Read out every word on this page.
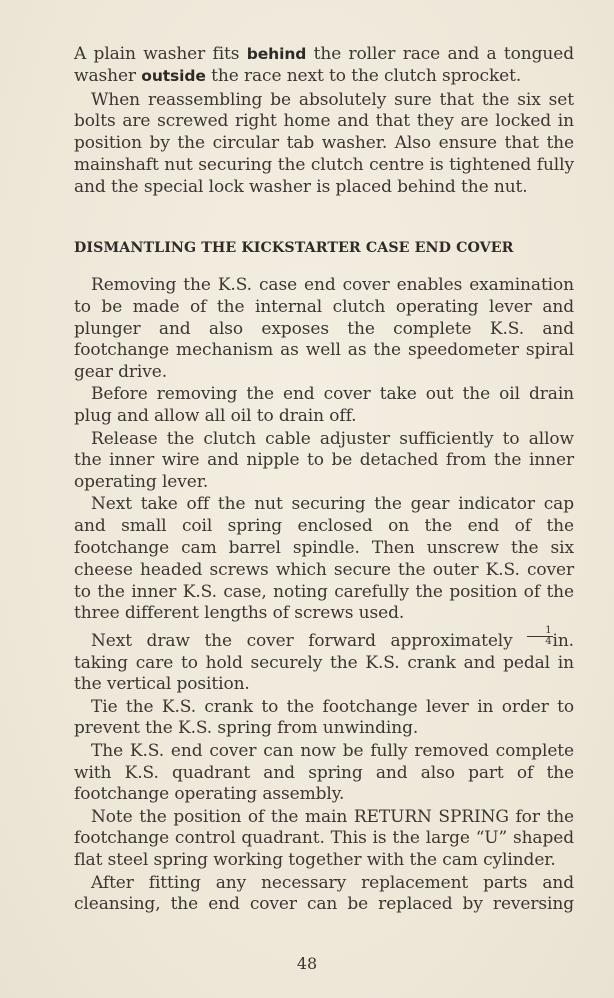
A plain washer fits behind the roller race and a tongued washer outside the race next to the clutch sprocket.

When reassembling be absolutely sure that the six set bolts are screwed right home and that they are locked in position by the circular tab washer. Also ensure that the mainshaft nut securing the clutch centre is tightened fully and the special lock washer is placed behind the nut.

DISMANTLING THE KICKSTARTER CASE END COVER

Removing the K.S. case end cover enables examination to be made of the internal clutch operating lever and plunger and also exposes the complete K.S. and footchange mechanism as well as the speedometer spiral gear drive.

Before removing the end cover take out the oil drain plug and allow all oil to drain off.

Release the clutch cable adjuster sufficiently to allow the inner wire and nipple to be detached from the inner operating lever.

Next take off the nut securing the gear indicator cap and small coil spring enclosed on the end of the footchange cam barrel spindle. Then unscrew the six cheese headed screws which secure the outer K.S. cover to the inner K.S. case, noting carefully the position of the three different lengths of screws used.

Next draw the cover forward approximately $\frac{1}{4}$ in. taking care to hold securely the K.S. crank and pedal in the vertical position.

Tie the K.S. crank to the footchange lever in order to prevent the K.S. spring from unwinding.

The K.S. end cover can now be fully removed complete with K.S. quadrant and spring and also part of the footchange operating assembly.

Note the position of the main RETURN SPRING for the footchange control quadrant. This is the large “U” shaped flat steel spring working together with the cam cylinder.

After fitting any necessary replacement parts and cleansing, the end cover can be replaced by reversing

48
